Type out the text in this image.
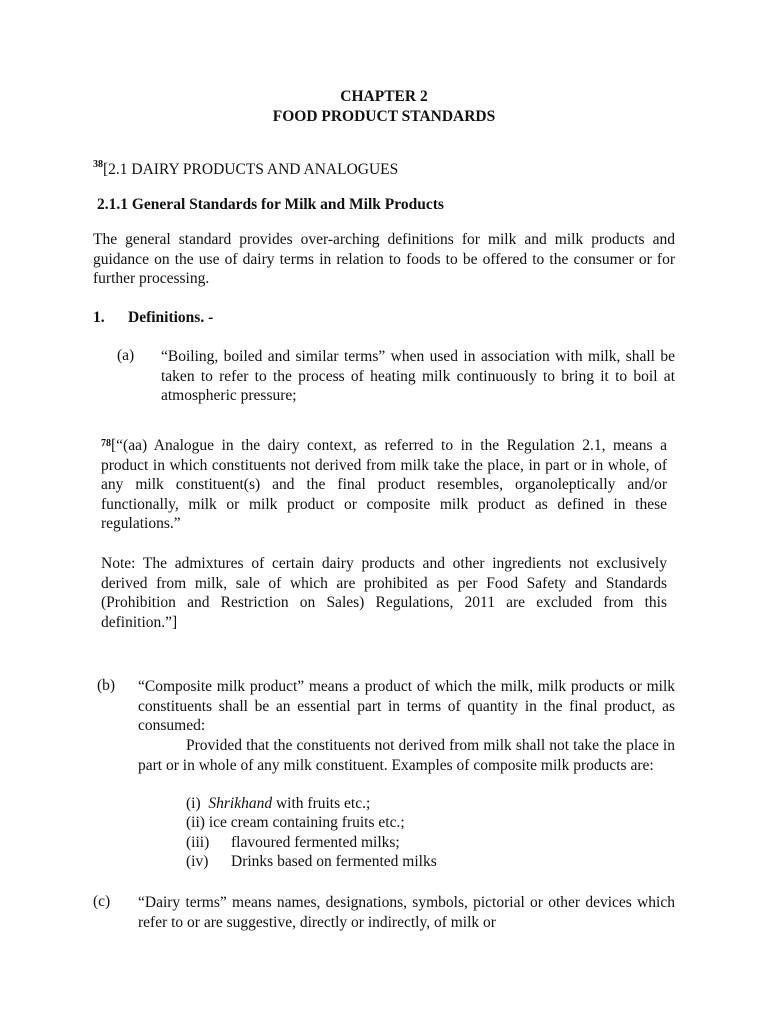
CHAPTER 2
FOOD PRODUCT STANDARDS
$^{38}$[2.1 DAIRY PRODUCTS AND ANALOGUES
2.1.1 General Standards for Milk and Milk Products

The general standard provides over-arching definitions for milk and milk products and guidance on the use of dairy terms in relation to foods to be offered to the consumer or for further processing.

1. Definitions. -
(a) “Boiling, boiled and similar terms” when used in association with milk, shall be taken to refer to the process of heating milk continuously to bring it to boil at atmospheric pressure;

$^{78}$[“(aa) Analogue in the dairy context, as referred to in the Regulation 2.1, means a product in which constituents not derived from milk take the place, in part or in whole, of any milk constituent(s) and the final product resembles, organoleptically and/or functionally, milk or milk product or composite milk product as defined in these regulations.”

Note: The admixtures of certain dairy products and other ingredients not exclusively derived from milk, sale of which are prohibited as per Food Safety and Standards (Prohibition and Restriction on Sales) Regulations, 2011 are excluded from this definition.”]

(b) “Composite milk product” means a product of which the milk, milk products or milk constituents shall be an essential part in terms of quantity in the final product, as consumed:

Provided that the constituents not derived from milk shall not take the place in part or in whole of any milk constituent. Examples of composite milk products are:

(i) Shrikhand with fruits etc.;
(ii) ice cream containing fruits etc.;
(iii) flavoured fermented milks;
(iv) Drinks based on fermented milks
(c) “Dairy terms” means names, designations, symbols, pictorial or other devices which refer to or are suggestive, directly or indirectly, of milk or
